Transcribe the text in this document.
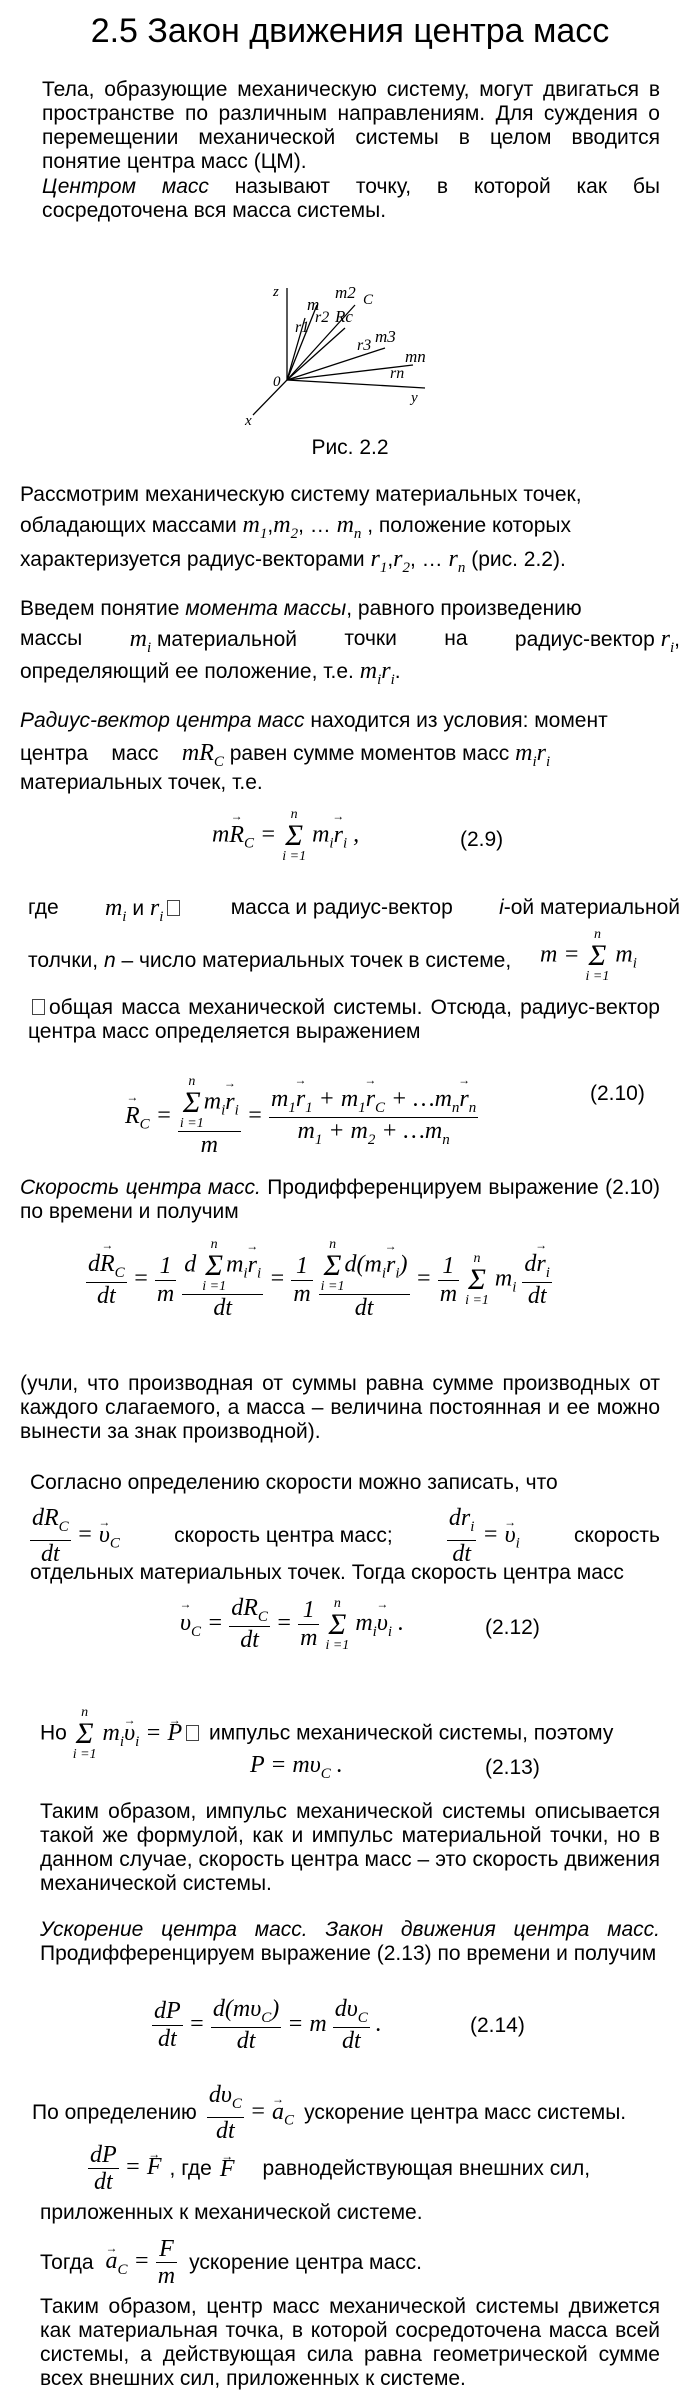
2.5 Закон движения центра масс
Тела, образующие механическую систему, могут двигаться в пространстве по различным направлениям. Для суждения о перемещении механической системы в целом вводится понятие центра масс (ЦМ).
Центром масс называют точку, в которой как бы сосредоточена вся масса системы.
z
x
y
0
m
m2 C
m3
mn
r1
r2 Rc
r3
rn
Рис. 2.2
Рассмотрим механическую систему материальных точек,
обладающих массами $m_1,m_2$, … $m_n$ , положение которых
характеризуется радиус-векторами $r_1,r_2$, … $r_n$ (рис. 2.2).
Введем понятие момента массы, равного произведению
массы $m_i$ материальной точки на радиус-вектор $r_i$,
определяющий ее положение, т.е. $m_ir_i$.
Радиус-вектор центра масс находится из условия: момент
центра масс $mR_C$ равен сумме моментов масс $m_ir_i$
материальных точек, т.е.
$m\to R_C$ =
n
Σ
i =1
$m_i\to r_i$ ,	(2.9)
где $m_i$ и $r_i$	масса и радиус-вектор i-ой материальной
толчки, n – число материальных точек в системе, m =
n
Σ
i =1
$m_i$
общая масса механической системы. Отсюда, радиус-вектор центра масс определяется выражением
→ $R_C = n$
Σ
i =1
$m_i\to r_i$
$m = \frac{m_1\to r_1 + m_1\to r_C + \dots m_n\to r_n}{m_1 + m_2 + \dots m_n}$	(2.10)
Скорость центра масс. Продифференцируем выражение (2.10) по времени и получим
$\frac{d\to R_C}{dt} = \frac{1}{m}$
d
n
Σ
i =1
$m_i\to r_i$
dt = $\frac{1}{m}$
n
Σ
i =1
$d(m_i\to r_i)$
dt = $\frac{1}{m}$
	n
Σ
i =1
$m_i \frac{d\to r_i}{dt}$
(учли, что производная от суммы равна сумме производных от каждого слагаемого, а масса – величина постоянная и ее можно вынести за знак производной).
Согласно определению скорости можно записать, что
$\frac{dR_C}{dt}$ = → $\upsilon_C$	скорость центра масс; $\frac{dr_i}{dt}$ = → $\upsilon_i$	скорость
отдельных материальных точек. Тогда скорость центра масс
→ $\upsilon_C = \frac{dR_C}{dt} = \frac{1}{m}$
	n
Σ
i =1
$m_i\to \upsilon_i$ .	(2.12)
Но
n
Σ
i =1
$m_i\to \upsilon_i$ = → P импульс механической системы, поэтому
$P = m\upsilon_C$ .	(2.13)
Таким образом, импульс механической системы описывается такой же формулой, как и импульс материальной точки, но в данном случае, скорость центра масс – это скорость движения механической системы.
Ускорение центра масс. Закон движения центра масс. Продифференцируем выражение (2.13) по времени и получим
$\frac{dP}{dt} = \frac{d(m\upsilon_C)}{dt} = m \frac{d\upsilon_C}{dt}$ .	(2.14)
По определению $\frac{d\upsilon_C}{dt}$ = → $a_C$ ускорение центра масс системы.
$\frac{dP}{dt}$ = → F , где → F равнодействующая внешних сил,
приложенных к механической системе.
Тогда → $a_C = \frac{F}{m}$ ускорение центра масс.
Таким образом, центр масс механической системы движется как материальная точка, в которой сосредоточена масса всей системы, а действующая сила равна геометрической сумме всех внешних сил, приложенных к системе.
